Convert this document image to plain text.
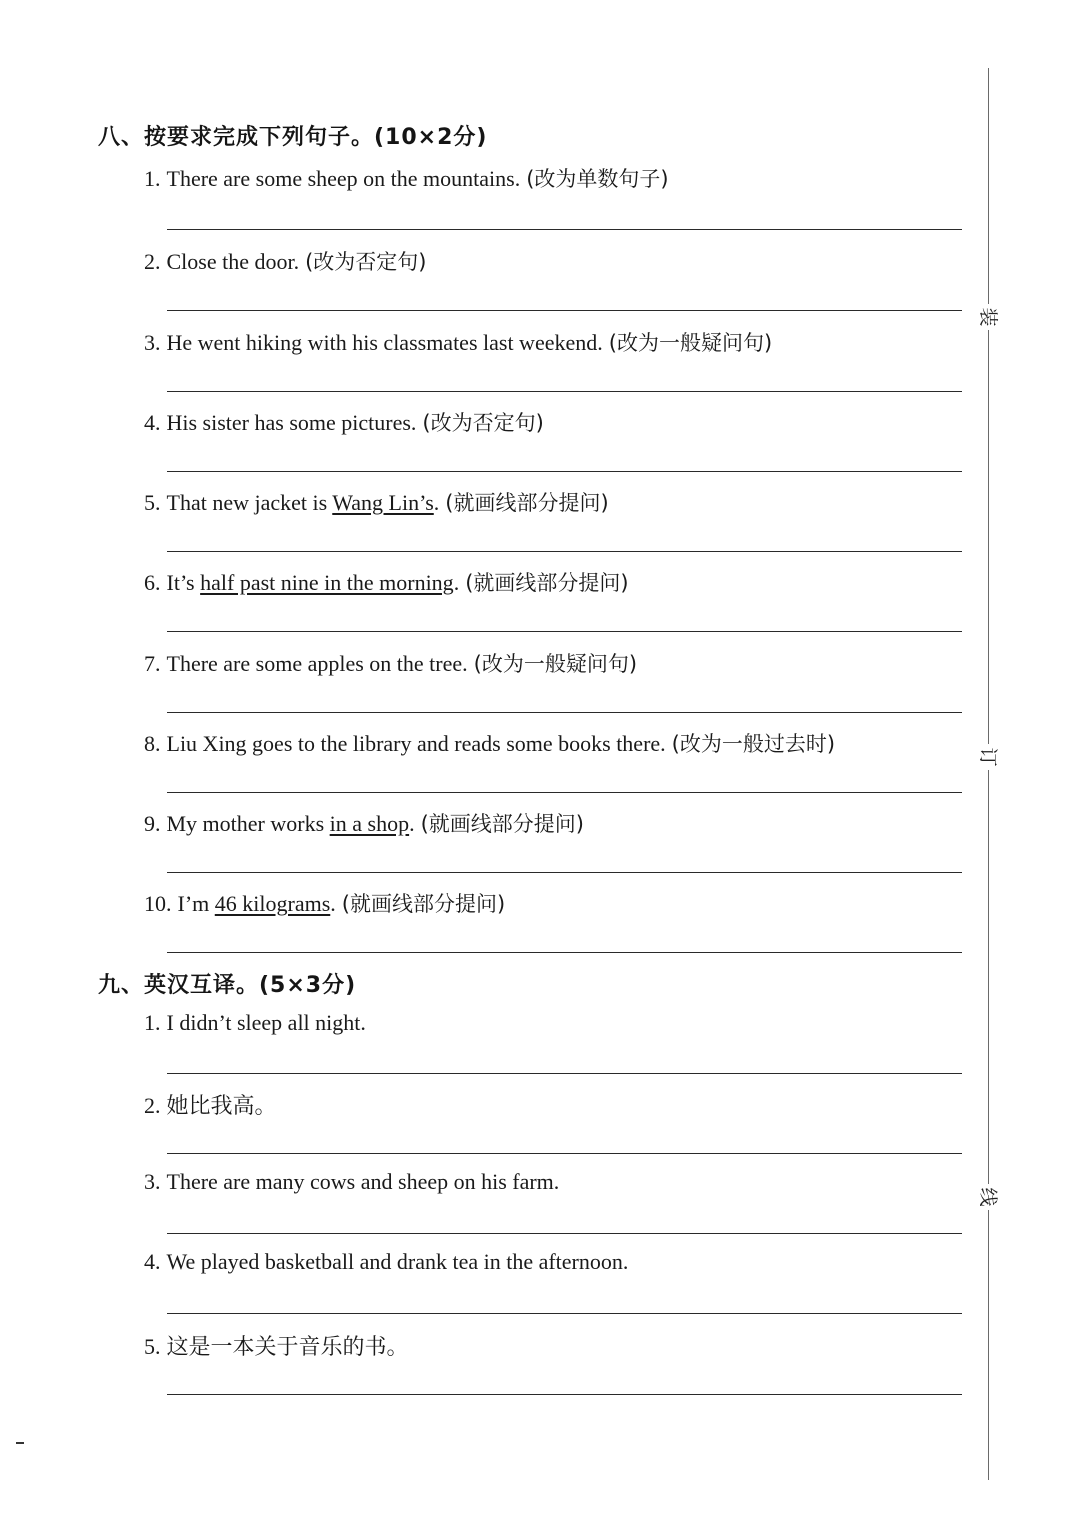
装
订
线
八、按要求完成下列句子。(10×2分)
1. There are some sheep on the mountains. (改为单数句子)
2. Close the door. (改为否定句)
3. He went hiking with his classmates last weekend. (改为一般疑问句)
4. His sister has some pictures. (改为否定句)
5. That new jacket is Wang Lin’s. (就画线部分提问)
6. It’s half past nine in the morning. (就画线部分提问)
7. There are some apples on the tree. (改为一般疑问句)
8. Liu Xing goes to the library and reads some books there. (改为一般过去时)
9. My mother works in a shop. (就画线部分提问)
10. I’m 46 kilograms. (就画线部分提问)
九、英汉互译。(5×3分)
1. I didn’t sleep all night.
2. 她比我高。
3. There are many cows and sheep on his farm.
4. We played basketball and drank tea in the afternoon.
5. 这是一本关于音乐的书。
